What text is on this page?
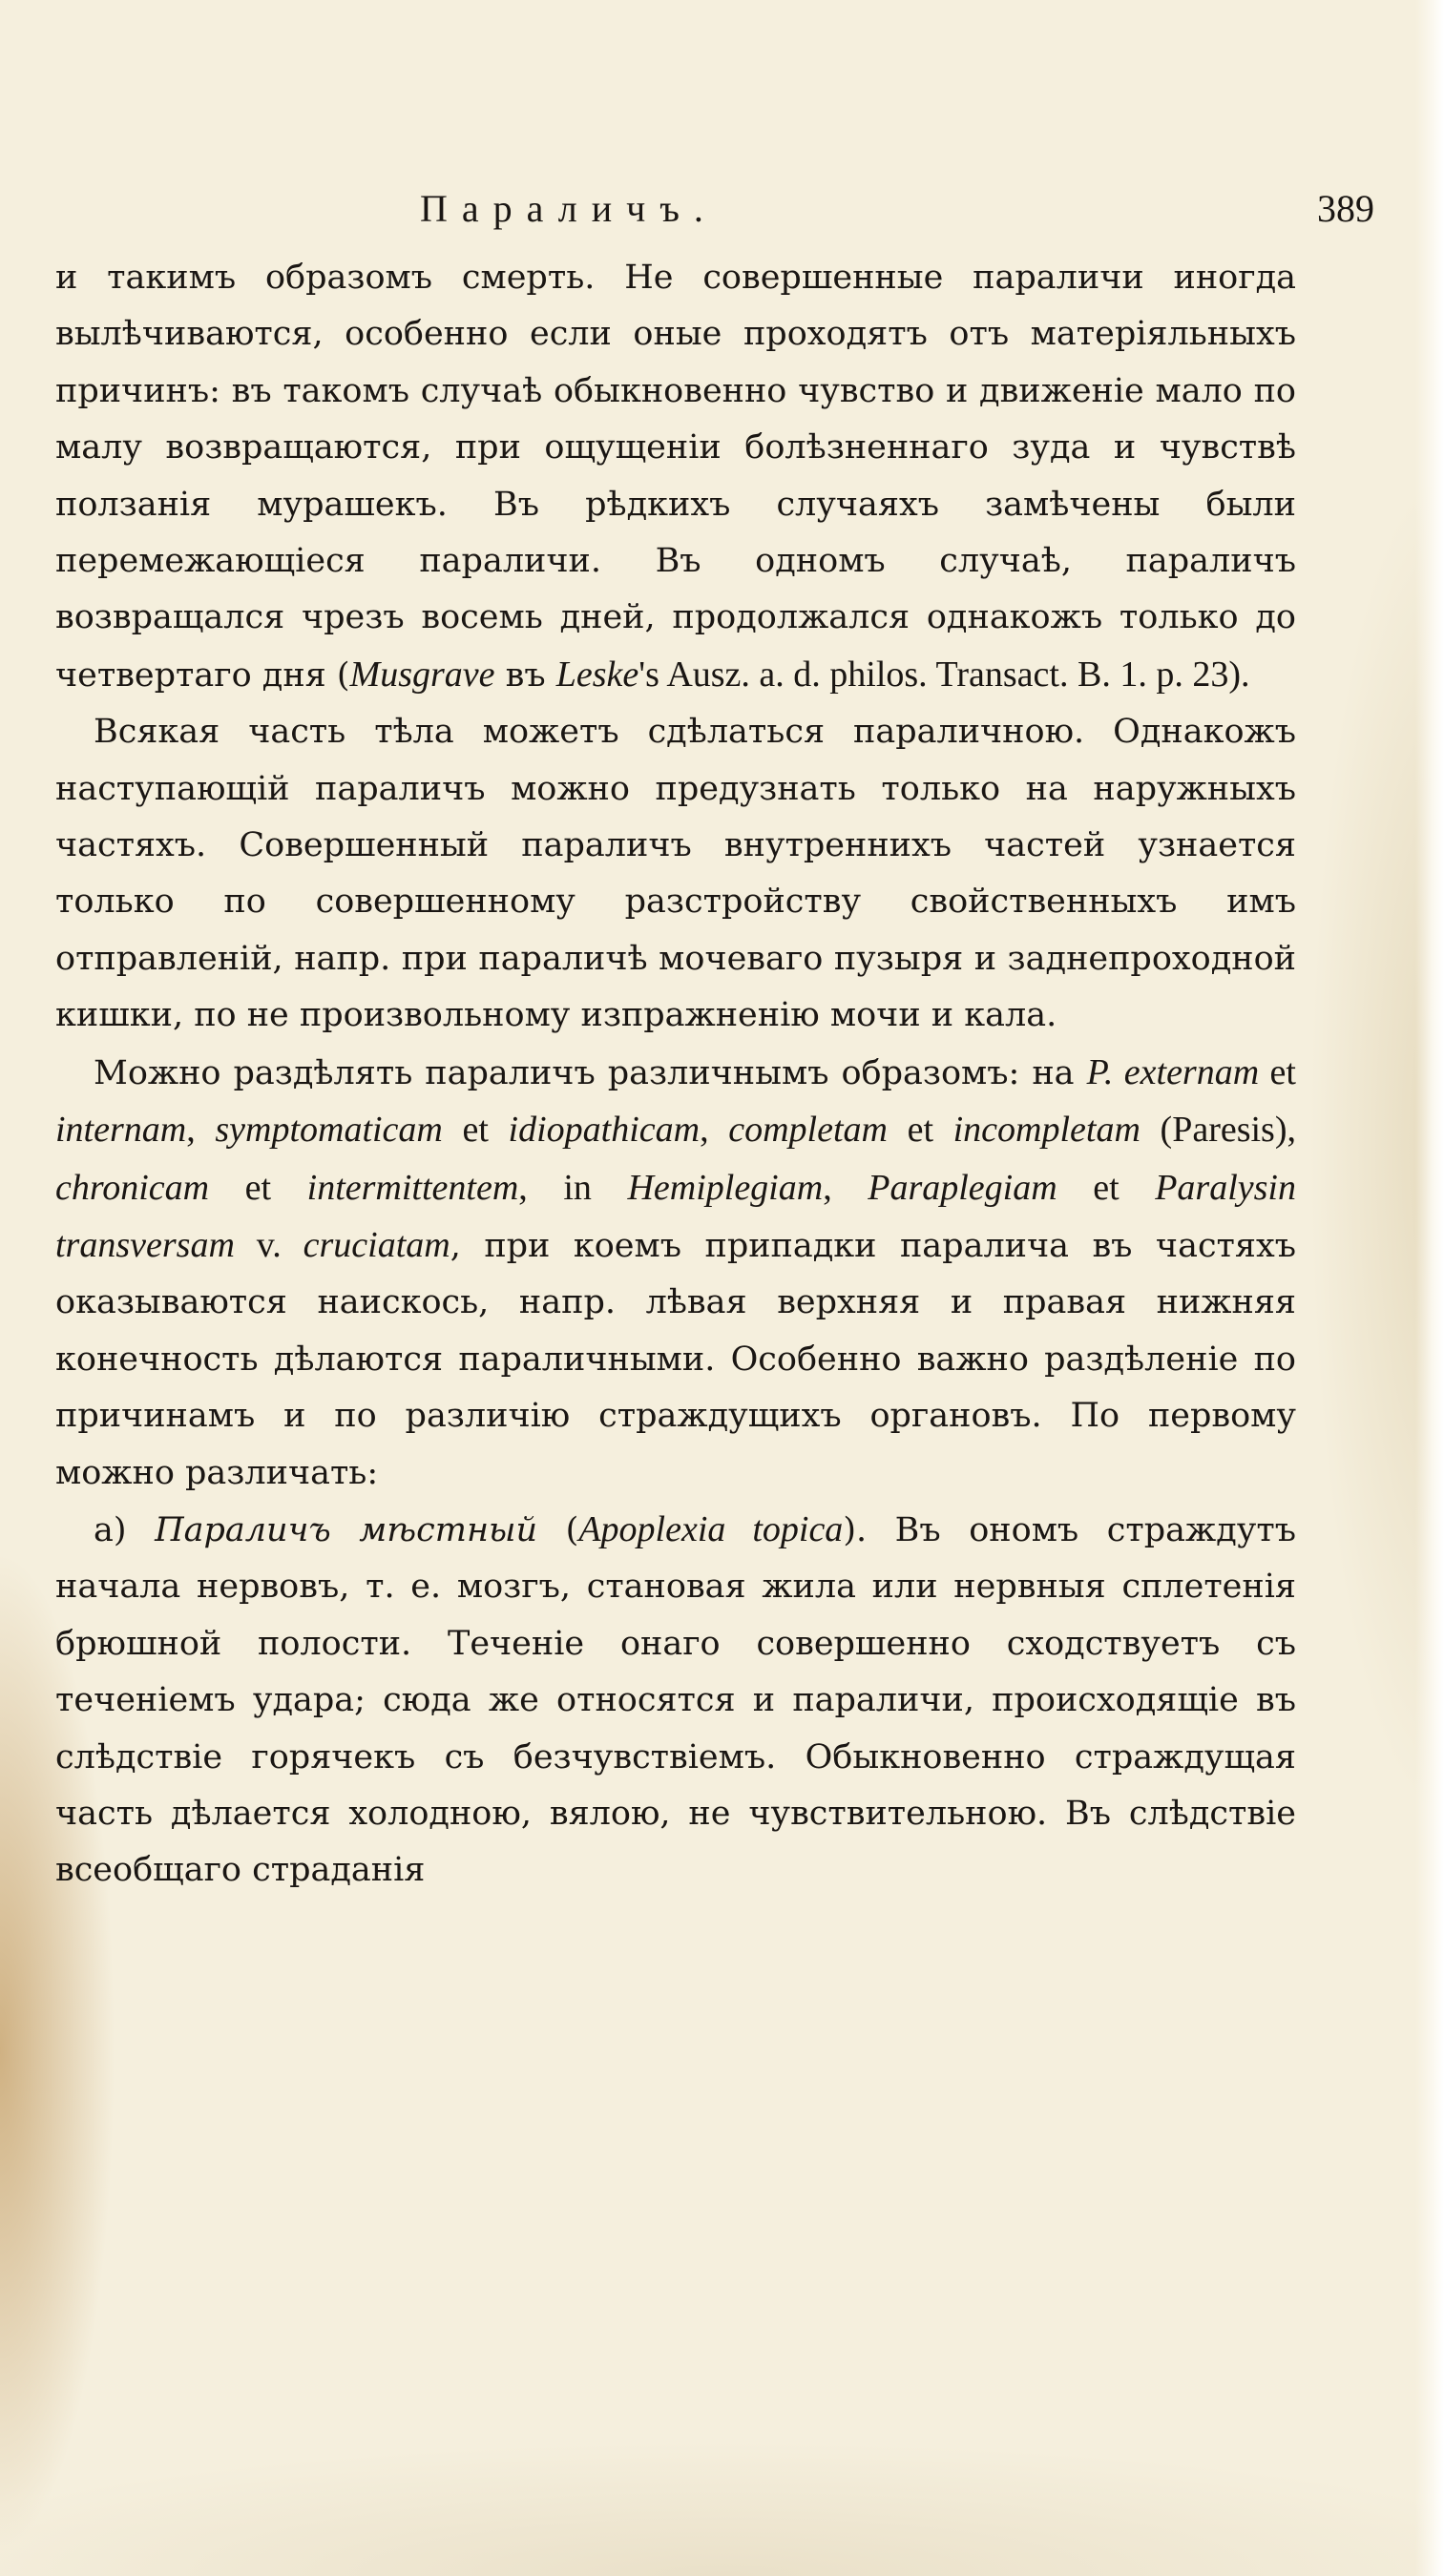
Параличъ.	389

и такимъ образомъ смерть. Не совершенные параличи иногда вылѣчиваются, особенно если оные проходятъ отъ матеріяльныхъ причинъ: въ такомъ случаѣ обыкновенно чувство и движеніе мало по малу возвращаются, при ощущеніи болѣзненнаго зуда и чувствѣ ползанія мурашекъ. Въ рѣдкихъ случаяхъ замѣчены были перемежающіеся параличи. Въ одномъ случаѣ, параличъ возвращался чрезъ восемь дней, продолжался однакожъ только до четвертаго дня (Musgrave въ Leske's Ausz. a. d. philos. Transact. B. 1. p. 23).

Всякая часть тѣла можетъ сдѣлаться параличною. Однакожъ наступающій параличъ можно предузнать только на наружныхъ частяхъ. Совершенный параличъ внутреннихъ частей узнается только по совершенному разстройству свойственныхъ имъ отправленій, напр. при параличѣ мочеваго пузыря и заднепроходной кишки, по не произвольному изпражненію мочи и кала.

Можно раздѣлять параличъ различнымъ образомъ: на P. externam et internam, symptomaticam et idiopathicam, completam et incompletam (Paresis), chronicam et intermittentem, in Hemiplegiam, Paraplegiam et Paralysin transversam v. cruciatam, при коемъ припадки паралича въ частяхъ оказываются наискось, напр. лѣвая верхняя и правая нижняя конечность дѣлаются параличными. Особенно важно раздѣленіе по причинамъ и по различію страждущихъ органовъ. По первому можно различать:

a) Параличъ мѣстный (Apoplexia topica). Въ ономъ страждутъ начала нервовъ, т. е. мозгъ, становая жила или нервныя сплетенія брюшной полости. Теченіе онаго совершенно сходствуетъ съ теченіемъ удара; сюда же относятся и параличи, происходящіе въ слѣдствіе горячекъ съ безчувствіемъ. Обыкновенно страждущая часть дѣлается холодною, вялою, не чувствительною. Въ слѣдствіе всеобщаго страданія
